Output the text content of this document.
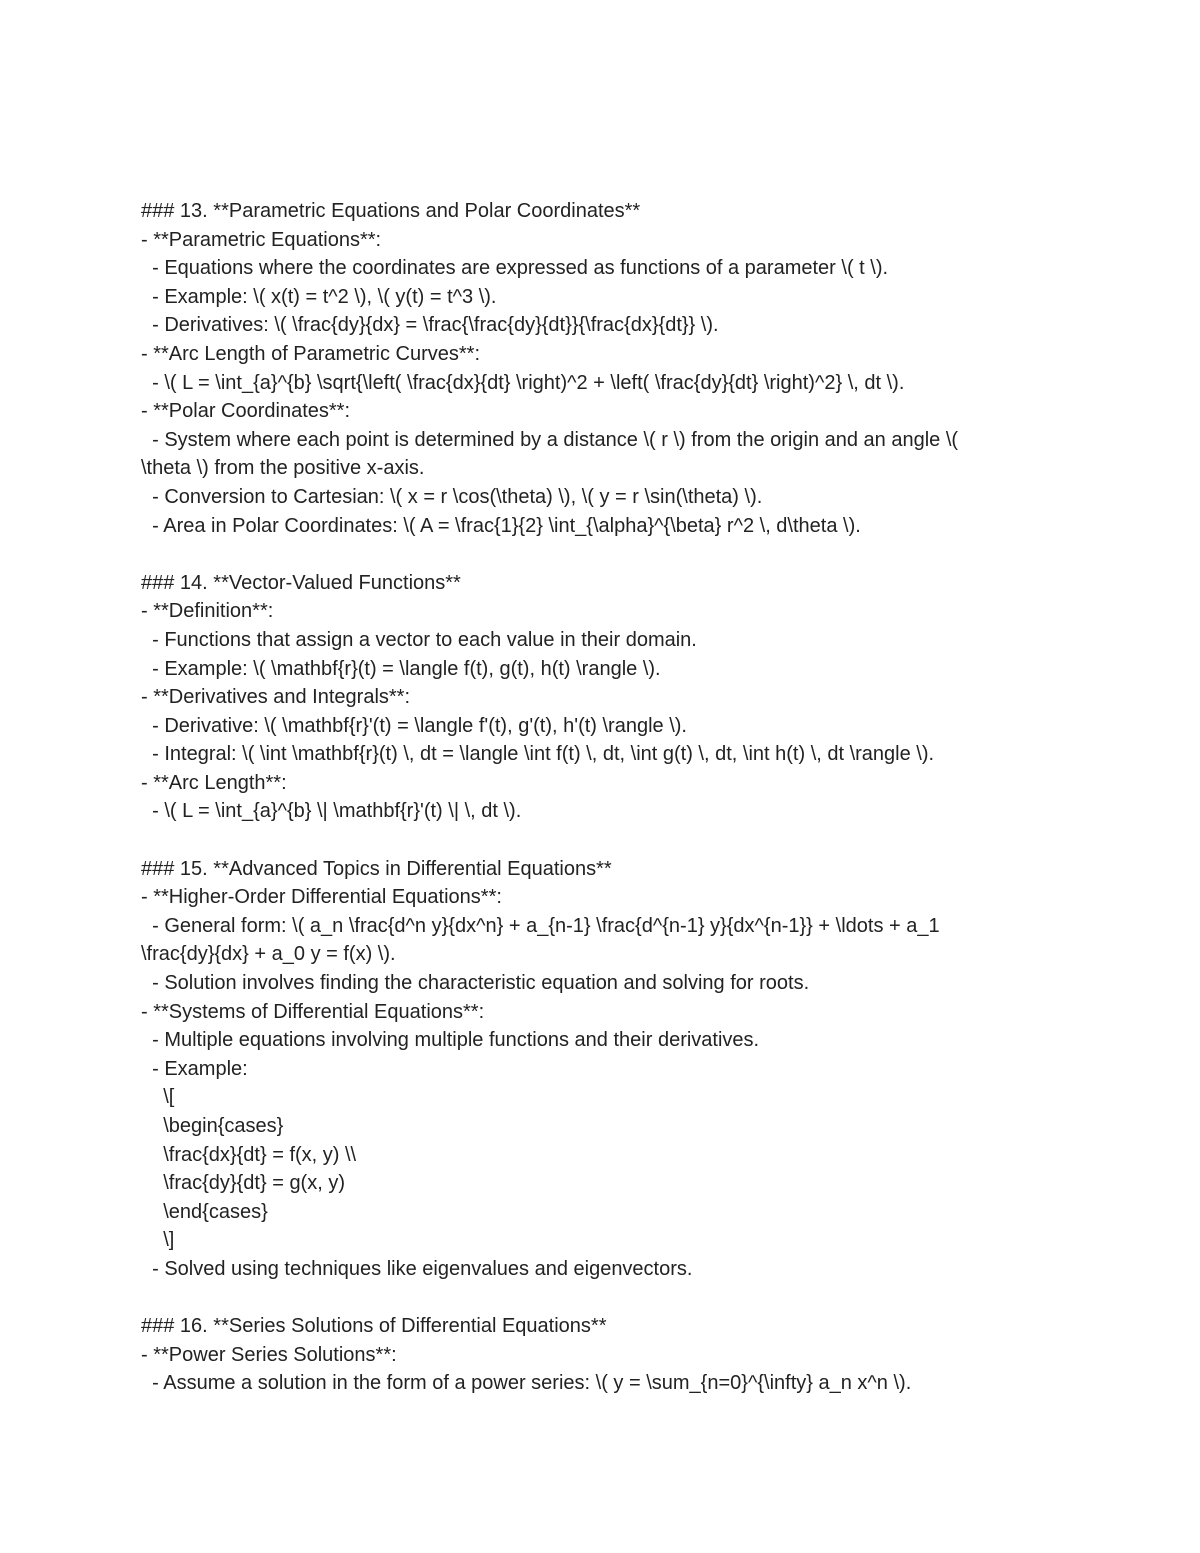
### 13. **Parametric Equations and Polar Coordinates**

- **Parametric Equations**:

- Equations where the coordinates are expressed as functions of a parameter \( t \).

- Example: \( x(t) = t^2 \), \( y(t) = t^3 \).

- Derivatives: \( \frac{dy}{dx} = \frac{\frac{dy}{dt}}{\frac{dx}{dt}} \).

- **Arc Length of Parametric Curves**:

- \( L = \int_{a}^{b} \sqrt{\left( \frac{dx}{dt} \right)^2 + \left( \frac{dy}{dt} \right)^2} \, dt \).

- **Polar Coordinates**:

- System where each point is determined by a distance \( r \) from the origin and an angle \(

\theta \) from the positive x-axis.

- Conversion to Cartesian: \( x = r \cos(\theta) \), \( y = r \sin(\theta) \).

- Area in Polar Coordinates: \( A = \frac{1}{2} \int_{\alpha}^{\beta} r^2 \, d\theta \).

### 14. **Vector-Valued Functions**

- **Definition**:

- Functions that assign a vector to each value in their domain.

- Example: \( \mathbf{r}(t) = \langle f(t), g(t), h(t) \rangle \).

- **Derivatives and Integrals**:

- Derivative: \( \mathbf{r}'(t) = \langle f'(t), g'(t), h'(t) \rangle \).

- Integral: \( \int \mathbf{r}(t) \, dt = \langle \int f(t) \, dt, \int g(t) \, dt, \int h(t) \, dt \rangle \).

- **Arc Length**:

- \( L = \int_{a}^{b} \| \mathbf{r}'(t) \| \, dt \).

### 15. **Advanced Topics in Differential Equations**

- **Higher-Order Differential Equations**:

- General form: \( a_n \frac{d^n y}{dx^n} + a_{n-1} \frac{d^{n-1} y}{dx^{n-1}} + \ldots + a_1

\frac{dy}{dx} + a_0 y = f(x) \).

- Solution involves finding the characteristic equation and solving for roots.

- **Systems of Differential Equations**:

- Multiple equations involving multiple functions and their derivatives.

- Example:

\[

\begin{cases}

\frac{dx}{dt} = f(x, y) \\

\frac{dy}{dt} = g(x, y)

\end{cases}

\]

- Solved using techniques like eigenvalues and eigenvectors.

### 16. **Series Solutions of Differential Equations**

- **Power Series Solutions**:

- Assume a solution in the form of a power series: \( y = \sum_{n=0}^{\infty} a_n x^n \).
